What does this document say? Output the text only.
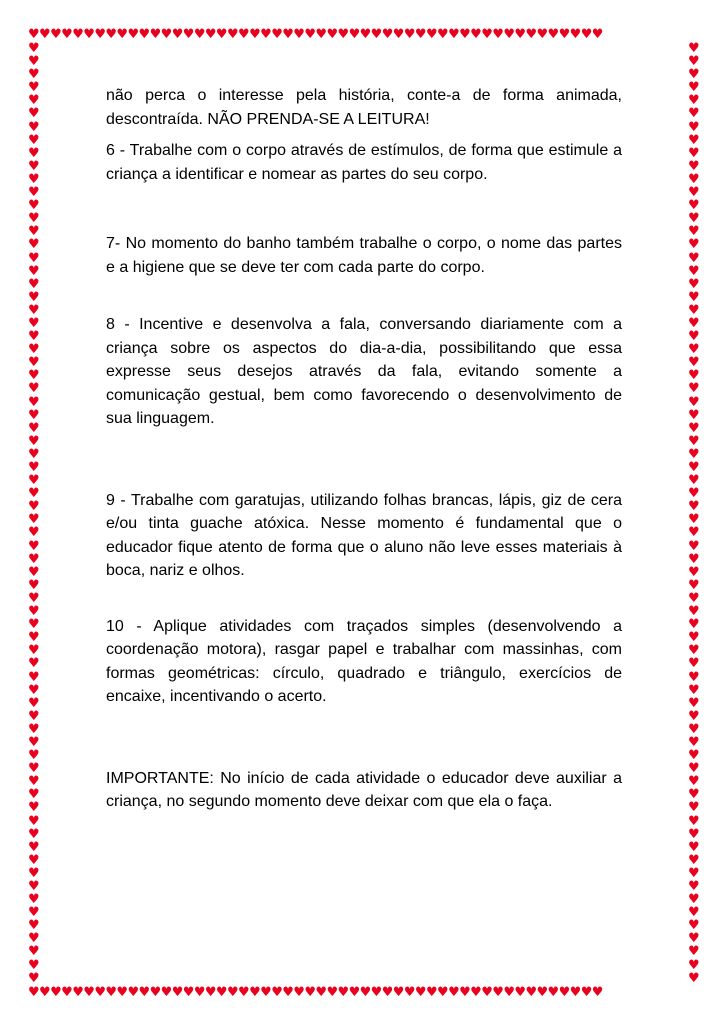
♥♥♥♥♥♥♥♥♥♥♥♥♥♥♥♥♥♥♥♥♥♥♥♥♥♥♥♥♥♥♥♥♥♥♥♥♥♥♥♥♥♥♥♥♥♥♥♥♥♥♥♥
♥♥♥♥♥♥♥♥♥♥♥♥♥♥♥♥♥♥♥♥♥♥♥♥♥♥♥♥♥♥♥♥♥♥♥♥♥♥♥♥♥♥♥♥♥♥♥♥♥♥♥♥
♥
♥
♥
♥
♥
♥
♥
♥
♥
♥
♥
♥
♥
♥
♥
♥
♥
♥
♥
♥
♥
♥
♥
♥
♥
♥
♥
♥
♥
♥
♥
♥
♥
♥
♥
♥
♥
♥
♥
♥
♥
♥
♥
♥
♥
♥
♥
♥
♥
♥
♥
♥
♥
♥
♥
♥
♥
♥
♥
♥
♥
♥
♥
♥
♥
♥
♥
♥
♥
♥
♥
♥
♥
♥
♥
♥
♥
♥
♥
♥
♥
♥
♥
♥
♥
♥
♥
♥
♥
♥
♥
♥
♥
♥
♥
♥
♥
♥
♥
♥
♥
♥
♥
♥
♥
♥
♥
♥
♥
♥
♥
♥
♥
♥
♥
♥
♥
♥
♥
♥
♥
♥
♥
♥
♥
♥
♥
♥
♥
♥
♥
♥
♥
♥
♥
♥
♥
♥
♥
♥
♥
♥
♥
♥

não perca o interesse pela história, conte-a de forma animada, descontraída. NÃO PRENDA-SE A LEITURA!

6 - Trabalhe com o corpo através de estímulos, de forma que estimule a criança a identificar e nomear as partes do seu corpo.

7- No momento do banho também trabalhe o corpo, o nome das partes e a higiene que se deve ter com cada parte do corpo.

8 - Incentive e desenvolva a fala, conversando diariamente com a criança sobre os aspectos do dia-a-dia, possibilitando que essa expresse seus desejos através da fala, evitando somente a comunicação gestual, bem como favorecendo o desenvolvimento de sua linguagem.

9 - Trabalhe com garatujas, utilizando folhas brancas, lápis, giz de cera e/ou tinta guache atóxica. Nesse momento é fundamental que o educador fique atento de forma que o aluno não leve esses materiais à boca, nariz e olhos.

10 - Aplique atividades com traçados simples (desenvolvendo a coordenação motora), rasgar papel e trabalhar com massinhas, com formas geométricas: círculo, quadrado e triângulo, exercícios de encaixe, incentivando o acerto.

IMPORTANTE: No início de cada atividade o educador deve auxiliar a criança, no segundo momento deve deixar com que ela o faça.
